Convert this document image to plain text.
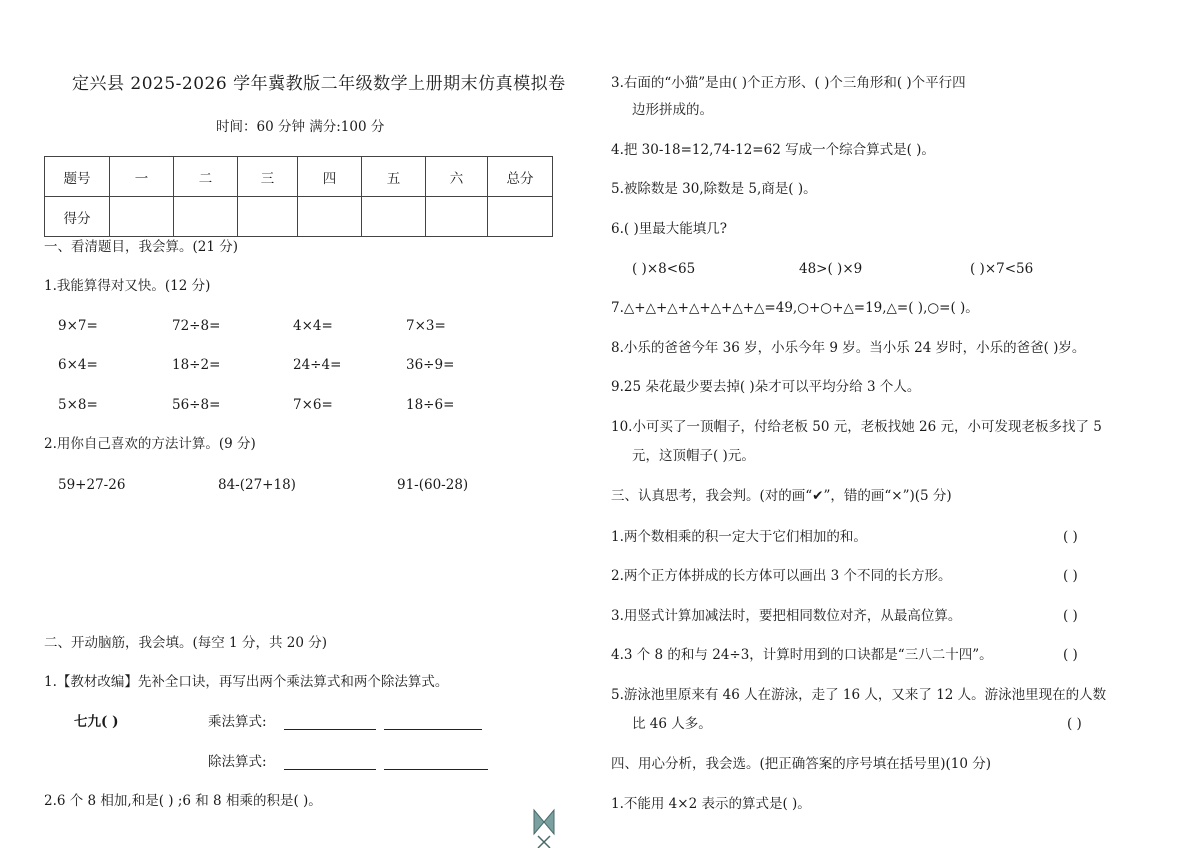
定兴县 2025-2026 学年冀教版二年级数学上册期末仿真模拟卷
时间：60 分钟 满分:100 分
题号	一	二	三	四	五	六	总分
得分							
一、看清题目，我会算。(21 分)
1.我能算得对又快。(12 分)
9×7=	72÷8=	4×4=	7×3=
6×4=	18÷2=	24÷4=	36÷9=
5×8=	56÷8=	7×6=	18÷6=
2.用你自己喜欢的方法计算。(9 分)
59+27-26	84-(27+18)	91-(60-28)
二、开动脑筋，我会填。(每空 1 分，共 20 分)
1.【教材改编】先补全口诀，再写出两个乘法算式和两个除法算式。
七九( )	乘法算式:
除法算式:
2.6 个 8 相加,和是( ) ;6 和 8 相乘的积是( )。
3.右面的“小猫”是由( )个正方形、( )个三角形和( )个平行四
边形拼成的。
4.把 30-18=12,74-12=62 写成一个综合算式是( )。
5.被除数是 30,除数是 5,商是( )。
6.( )里最大能填几?
( )×8<65	48>( )×9	( )×7<56
7.△+△+△+△+△+△+△=49,○+○+△=19,△=( ),○=( )。
8.小乐的爸爸今年 36 岁，小乐今年 9 岁。当小乐 24 岁时，小乐的爸爸( )岁。
9.25 朵花最少要去掉( )朵才可以平均分给 3 个人。
10.小可买了一顶帽子，付给老板 50 元，老板找她 26 元，小可发现老板多找了 5
元，这顶帽子( )元。
三、认真思考，我会判。(对的画“✔”，错的画“×”)(5 分)
1.两个数相乘的积一定大于它们相加的和。	( )
2.两个正方体拼成的长方体可以画出 3 个不同的长方形。	( )
3.用竖式计算加减法时，要把相同数位对齐，从最高位算。	( )
4.3 个 8 的和与 24÷3，计算时用到的口诀都是“三八二十四”。	( )
5.游泳池里原来有 46 人在游泳，走了 16 人，又来了 12 人。游泳池里现在的人数
比 46 人多。	( )
四、用心分析，我会选。(把正确答案的序号填在括号里)(10 分)
1.不能用 4×2 表示的算式是( )。
